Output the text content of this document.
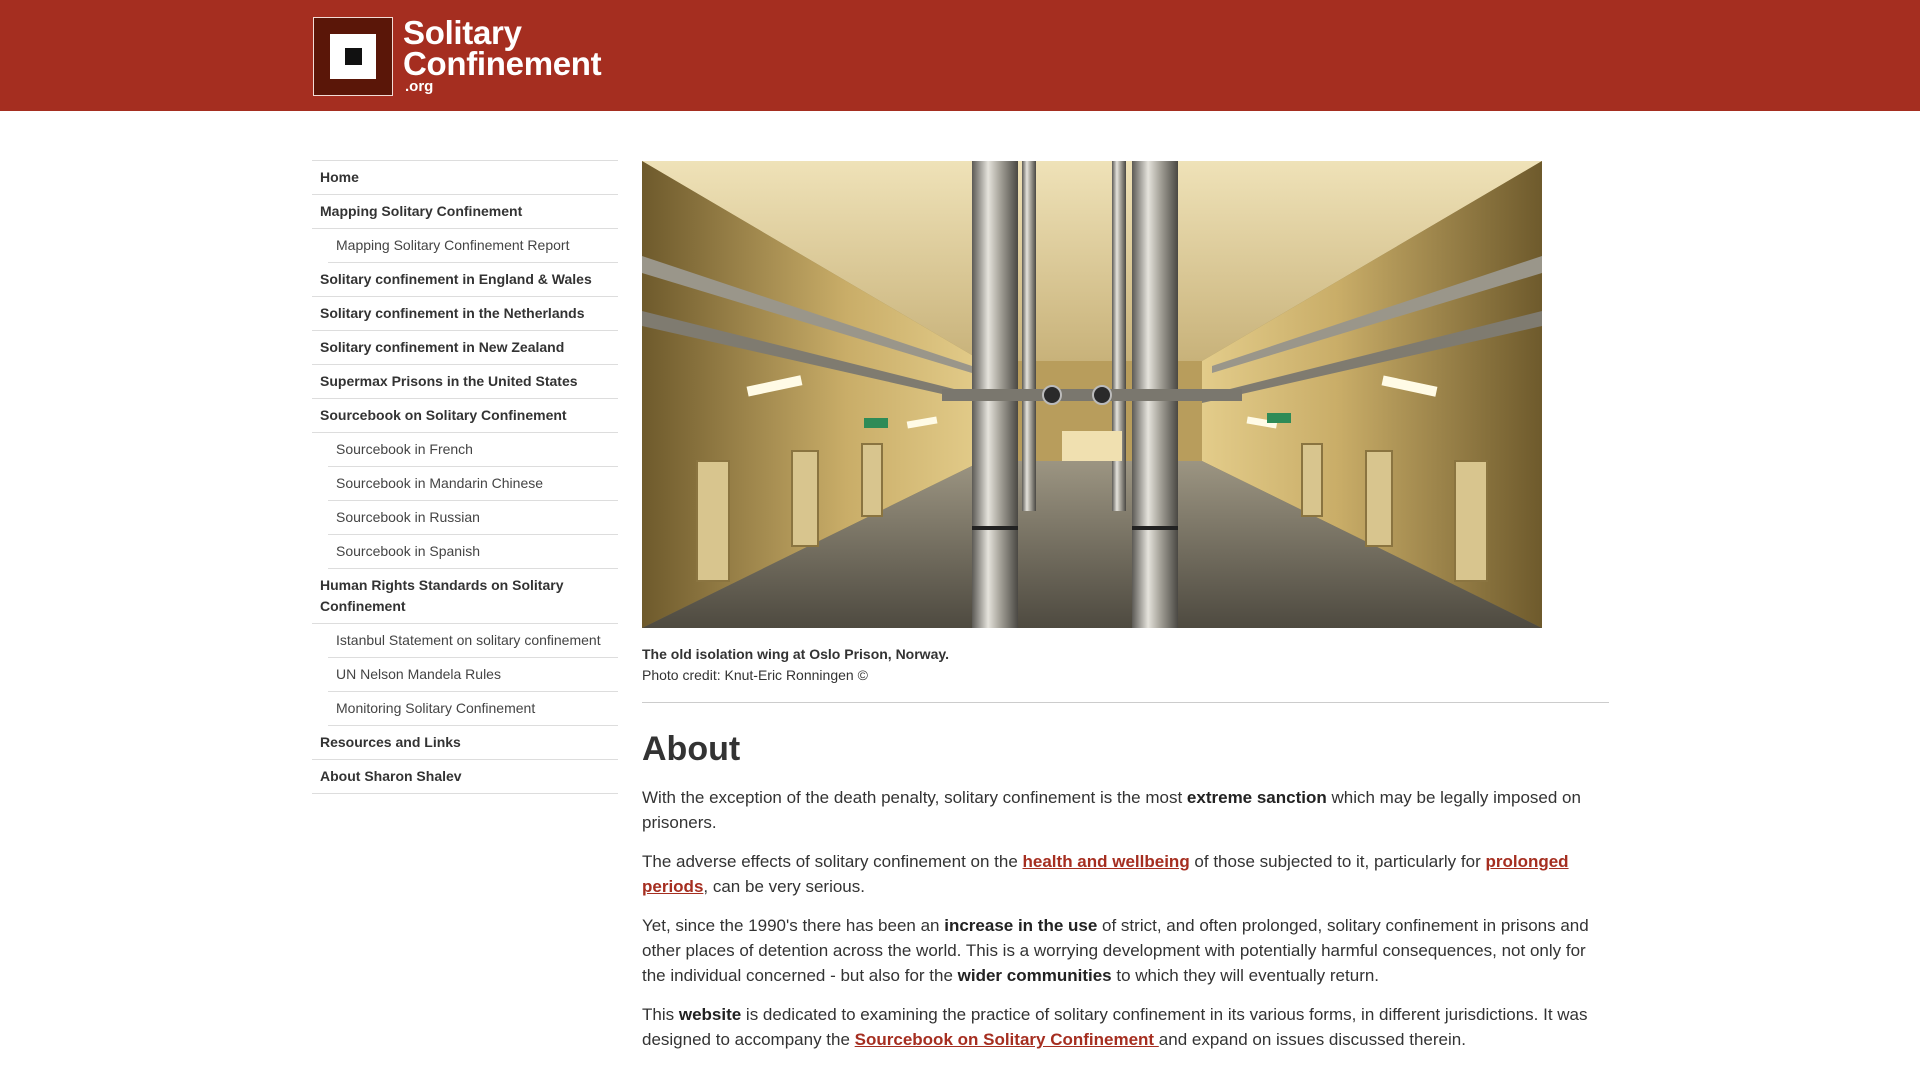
Solitary
Confinement
.org
Home
Mapping Solitary Confinement
Mapping Solitary Confinement Report
Solitary confinement in England & Wales
Solitary confinement in the Netherlands
Solitary confinement in New Zealand
Supermax Prisons in the United States
Sourcebook on Solitary Confinement
Sourcebook in French
Sourcebook in Mandarin Chinese
Sourcebook in Russian
Sourcebook in Spanish
Human Rights Standards on Solitary Confinement
Istanbul Statement on solitary confinement
UN Nelson Mandela Rules
Monitoring Solitary Confinement
Resources and Links
About Sharon Shalev
The old isolation wing at Oslo Prison, Norway.
Photo credit: Knut-Eric Ronningen ©
About

With the exception of the death penalty, solitary confinement is the most extreme sanction which may be legally imposed on prisoners.

The adverse effects of solitary confinement on the health and wellbeing of those subjected to it, particularly for prolonged periods, can be very serious.

Yet, since the 1990's there has been an increase in the use of strict, and often prolonged, solitary confinement in prisons and other places of detention across the world. This is a worrying development with potentially harmful consequences, not only for the individual concerned - but also for the wider communities to which they will eventually return.

This website is dedicated to examining the practice of solitary confinement in its various forms, in different jurisdictions. It was designed to accompany the Sourcebook on Solitary Confinement and expand on issues discussed therein.
